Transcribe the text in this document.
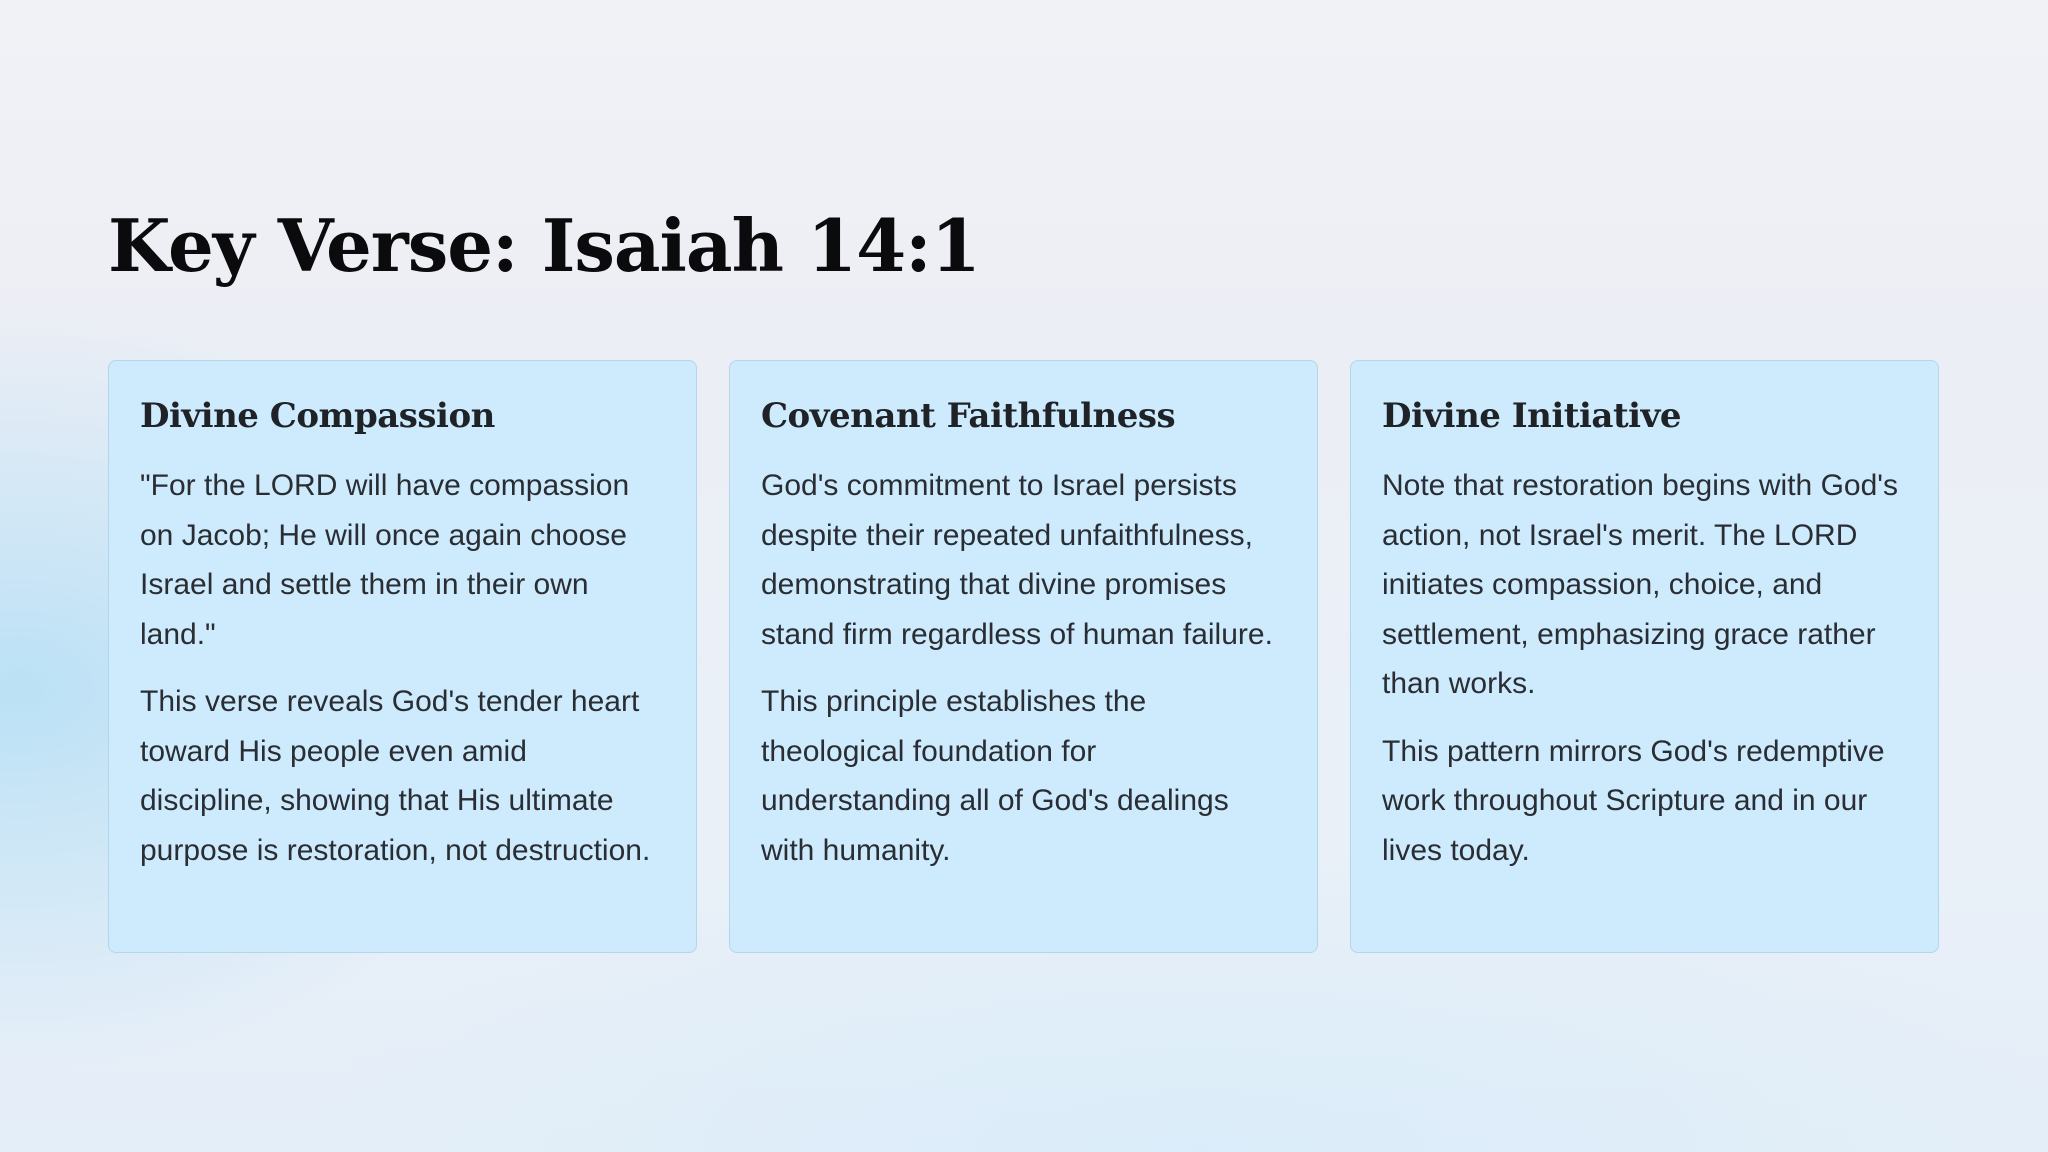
Key Verse: Isaiah 14:1
Divine Compassion

"For the LORD will have compassion on Jacob; He will once again choose Israel and settle them in their own land."

This verse reveals God's tender heart toward His people even amid discipline, showing that His ultimate purpose is restoration, not destruction.

Covenant Faithfulness

God's commitment to Israel persists despite their repeated unfaithfulness, demonstrating that divine promises stand firm regardless of human failure.

This principle establishes the theological foundation for understanding all of God's dealings with humanity.

Divine Initiative

Note that restoration begins with God's action, not Israel's merit. The LORD initiates compassion, choice, and settlement, emphasizing grace rather than works.

This pattern mirrors God's redemptive work throughout Scripture and in our lives today.
